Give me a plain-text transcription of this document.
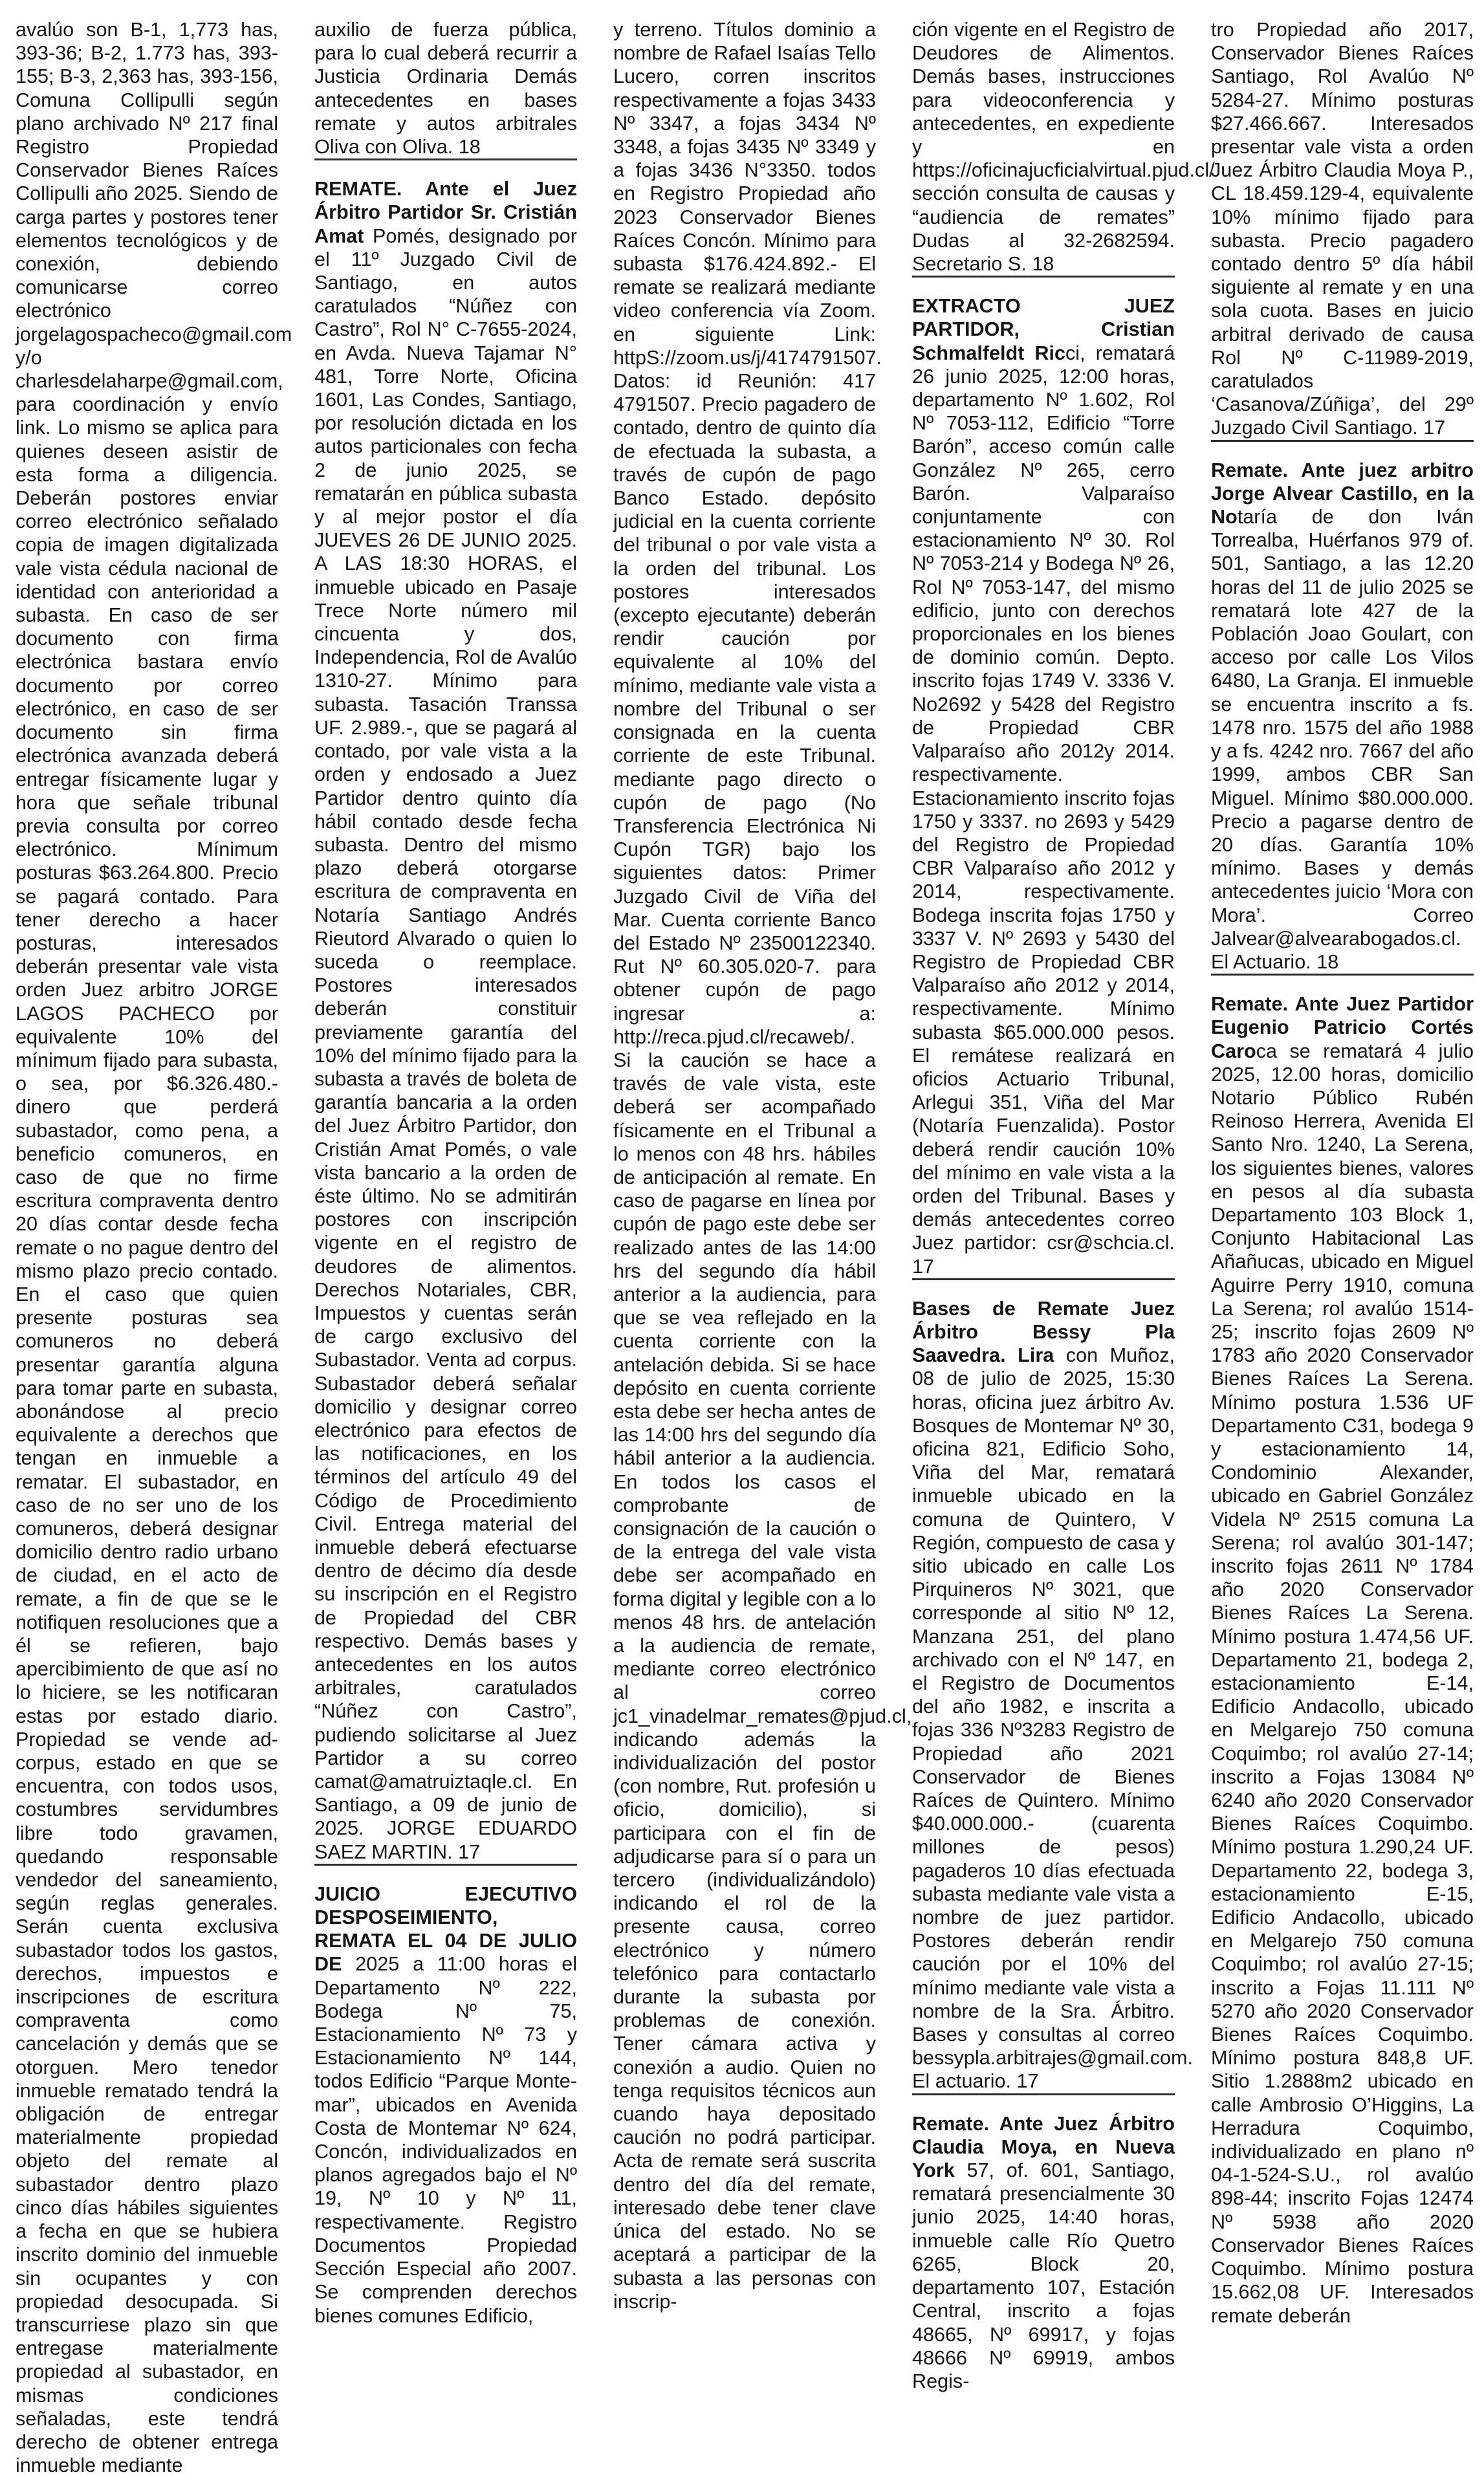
avalúo son B-1, 1,773 has, 393-36; B-2, 1.773 has, 393-155; B-3, 2,363 has, 393-156, Comuna Collipulli según plano archivado Nº 217 final Registro Propiedad Conservador Bienes Raíces Collipulli año 2025. Siendo de carga partes y postores tener elementos tecnológicos y de conexión, debiendo comunicarse correo electrónico jorgelagospacheco@gmail.com y/o charlesdelaharpe@gmail.com, para coordinación y envío link. Lo mismo se aplica para quienes deseen asistir de esta forma a diligencia. Deberán postores enviar correo electrónico señalado copia de imagen digitalizada vale vista cédula nacional de identidad con anterioridad a subasta. En caso de ser documento con firma electrónica bastara envío documento por correo electrónico, en caso de ser documento sin firma electrónica avanzada deberá entregar físicamente lugar y hora que señale tribunal previa consulta por correo electrónico. Mínimum posturas $63.264.800. Precio se pagará contado. Para tener derecho a hacer posturas, interesados deberán presentar vale vista orden Juez arbitro JORGE LAGOS PACHECO por equivalente 10% del mínimum fijado para subasta, o sea, por $6.326.480.- dinero que perderá subastador, como pena, a beneficio comuneros, en caso de que no firme escritura compraventa dentro 20 días contar desde fecha remate o no pague dentro del mismo plazo precio contado. En el caso que quien presente posturas sea comuneros no deberá presentar garantía alguna para tomar parte en subasta, abonándose al precio equivalente a derechos que tengan en inmueble a rematar. El subastador, en caso de no ser uno de los comuneros, deberá designar domicilio dentro radio urbano de ciudad, en el acto de remate, a fin de que se le notifiquen resoluciones que a él se refieren, bajo apercibimiento de que así no lo hiciere, se les notificaran estas por estado diario. Propiedad se vende ad-corpus, estado en que se encuentra, con todos usos, costumbres servidumbres libre todo gravamen, quedando responsable vendedor del saneamiento, según reglas generales. Serán cuenta exclusiva subastador todos los gastos, derechos, impuestos e inscripciones de escritura compraventa como cancelación y demás que se otorguen. Mero tenedor inmueble rematado tendrá la obligación de entregar materialmente propiedad objeto del remate al subastador dentro plazo cinco días hábiles siguientes a fecha en que se hubiera inscrito dominio del inmueble sin ocupantes y con propiedad desocupada. Si transcurriese plazo sin que entregase materialmente propiedad al subastador, en mismas condiciones señaladas, este tendrá derecho de obtener entrega inmueble mediante

auxilio de fuerza pública, para lo cual deberá recurrir a Justicia Ordinaria Demás antecedentes en bases remate y autos arbitrales Oliva con Oliva. 18

REMATE. Ante el Juez Árbitro Partidor Sr. Cristián Amat Pomés, designado por el 11º Juzgado Civil de Santiago, en autos caratulados “Núñez con Castro”, Rol N° C-7655-2024, en Avda. Nueva Tajamar N° 481, Torre Norte, Oficina 1601, Las Condes, Santiago, por resolución dictada en los autos particionales con fecha 2 de junio 2025, se rematarán en pública subasta y al mejor postor el día JUEVES 26 DE JUNIO 2025. A LAS 18:30 HORAS, el inmueble ubicado en Pasaje Trece Norte número mil cincuenta y dos, Independencia, Rol de Avalúo 1310-27. Mínimo para subasta. Tasación Transsa UF. 2.989.-, que se pagará al contado, por vale vista a la orden y endosado a Juez Partidor dentro quinto día hábil contado desde fecha subasta. Dentro del mismo plazo deberá otorgarse escritura de compraventa en Notaría Santiago Andrés Rieutord Alvarado o quien lo suceda o reemplace. Postores interesados deberán constituir previamente garantía del 10% del mínimo fijado para la subasta a través de boleta de garantía bancaria a la orden del Juez Árbitro Partidor, don Cristián Amat Pomés, o vale vista bancario a la orden de éste último. No se admitirán postores con inscripción vigente en el registro de deudores de alimentos. Derechos Notariales, CBR, Impuestos y cuentas serán de cargo exclusivo del Subastador. Venta ad corpus. Subastador deberá señalar domicilio y designar correo electrónico para efectos de las notificaciones, en los términos del artículo 49 del Código de Procedimiento Civil. Entrega material del inmueble deberá efectuarse dentro de décimo día desde su inscripción en el Registro de Propiedad del CBR respectivo. Demás bases y antecedentes en los autos arbitrales, caratulados “Núñez con Castro”, pudiendo solicitarse al Juez Partidor a su correo camat@amatruiztaqle.cl. En Santiago, a 09 de junio de 2025. JORGE EDUARDO SAEZ MARTIN. 17

JUICIO EJECUTIVO DESPOSEIMIENTO, REMATA EL 04 DE JULIO DE 2025 a 11:00 horas el Departamento Nº 222, Bodega Nº 75, Estacionamiento Nº 73 y Estacionamiento Nº 144, todos Edificio “Parque Monte-mar”, ubicados en Avenida Costa de Montemar Nº 624, Concón, individualizados en planos agregados bajo el Nº 19, Nº 10 y Nº 11, respectivamente. Registro Documentos Propiedad Sección Especial año 2007. Se comprenden derechos bienes comunes Edificio,

y terreno. Títulos dominio a nombre de Rafael Isaías Tello Lucero, corren inscritos respectivamente a fojas 3433 Nº 3347, a fojas 3434 Nº 3348, a fojas 3435 Nº 3349 y a fojas 3436 N°3350. todos en Registro Propiedad año 2023 Conservador Bienes Raíces Concón. Mínimo para subasta $176.424.892.- El remate se realizará mediante video conferencia vía Zoom. en siguiente Link: httpS://zoom.us/j/4174791507. Datos: id Reunión: 417 4791507. Precio pagadero de contado, dentro de quinto día de efectuada la subasta, a través de cupón de pago Banco Estado. depósito judicial en la cuenta corriente del tribunal o por vale vista a la orden del tribunal. Los postores interesados (excepto ejecutante) deberán rendir caución por equivalente al 10% del mínimo, mediante vale vista a nombre del Tribunal o ser consignada en la cuenta corriente de este Tribunal. mediante pago directo o cupón de pago (No Transferencia Electrónica Ni Cupón TGR) bajo los siguientes datos: Primer Juzgado Civil de Viña del Mar. Cuenta corriente Banco del Estado Nº 23500122340. Rut Nº 60.305.020-7. para obtener cupón de pago ingresar a: http://reca.pjud.cl/recaweb/. Si la caución se hace a través de vale vista, este deberá ser acompañado físicamente en el Tribunal a lo menos con 48 hrs. hábiles de anticipación al remate. En caso de pagarse en línea por cupón de pago este debe ser realizado antes de las 14:00 hrs del segundo día hábil anterior a la audiencia, para que se vea reflejado en la cuenta corriente con la antelación debida. Si se hace depósito en cuenta corriente esta debe ser hecha antes de las 14:00 hrs del segundo día hábil anterior a la audiencia. En todos los casos el comprobante de consignación de la caución o de la entrega del vale vista debe ser acompañado en forma digital y legible con a lo menos 48 hrs. de antelación a la audiencia de remate, mediante correo electrónico al correo jc1_vinadelmar_remates@pjud.cl, indicando además la individualización del postor (con nombre, Rut. profesión u oficio, domicilio), si participara con el fin de adjudicarse para sí o para un tercero (individualizándolo) indicando el rol de la presente causa, correo electrónico y número telefónico para contactarlo durante la subasta por problemas de conexión. Tener cámara activa y conexión a audio. Quien no tenga requisitos técnicos aun cuando haya depositado caución no podrá participar. Acta de remate será suscrita dentro del día del remate, interesado debe tener clave única del estado. No se aceptará a participar de la subasta a las personas con inscrip-

ción vigente en el Registro de Deudores de Alimentos. Demás bases, instrucciones para videoconferencia y antecedentes, en expediente y en https://oficinajucficialvirtual.pjud.cl/ sección consulta de causas y “audiencia de remates” Dudas al 32-2682594. Secretario S. 18

EXTRACTO JUEZ PARTIDOR, Cristian Schmalfeldt Ricci, rematará 26 junio 2025, 12:00 horas, departamento Nº 1.602, Rol Nº 7053-112, Edificio “Torre Barón”, acceso común calle González Nº 265, cerro Barón. Valparaíso conjuntamente con estacionamiento Nº 30. Rol Nº 7053-214 y Bodega Nº 26, Rol Nº 7053-147, del mismo edificio, junto con derechos proporcionales en los bienes de dominio común. Depto. inscrito fojas 1749 V. 3336 V. No2692 y 5428 del Registro de Propiedad CBR Valparaíso año 2012y 2014. respectivamente. Estacionamiento inscrito fojas 1750 y 3337. no 2693 y 5429 del Registro de Propiedad CBR Valparaíso año 2012 y 2014, respectivamente. Bodega inscrita fojas 1750 y 3337 V. Nº 2693 y 5430 del Registro de Propiedad CBR Valparaíso año 2012 y 2014, respectivamente. Mínimo subasta $65.000.000 pesos. El remátese realizará en oficios Actuario Tribunal, Arlegui 351, Viña del Mar (Notaría Fuenzalida). Postor deberá rendir caución 10% del mínimo en vale vista a la orden del Tribunal. Bases y demás antecedentes correo Juez partidor: csr@schcia.cl. 17

Bases de Remate Juez Árbitro Bessy Pla Saavedra. Lira con Muñoz, 08 de julio de 2025, 15:30 horas, oficina juez árbitro Av. Bosques de Montemar Nº 30, oficina 821, Edificio Soho, Viña del Mar, rematará inmueble ubicado en la comuna de Quintero, V Región, compuesto de casa y sitio ubicado en calle Los Pirquineros Nº 3021, que corresponde al sitio Nº 12, Manzana 251, del plano archivado con el Nº 147, en el Registro de Documentos del año 1982, e inscrita a fojas 336 Nº3283 Registro de Propiedad año 2021 Conservador de Bienes Raíces de Quintero. Mínimo $40.000.000.- (cuarenta millones de pesos) pagaderos 10 días efectuada subasta mediante vale vista a nombre de juez partidor. Postores deberán rendir caución por el 10% del mínimo mediante vale vista a nombre de la Sra. Árbitro. Bases y consultas al correo bessypla.arbitrajes@gmail.com. El actuario. 17

Remate. Ante Juez Árbitro Claudia Moya, en Nueva York 57, of. 601, Santiago, rematará presencialmente 30 junio 2025, 14:40 horas, inmueble calle Río Quetro 6265, Block 20, departamento 107, Estación Central, inscrito a fojas 48665, Nº 69917, y fojas 48666 Nº 69919, ambos Regis-

tro Propiedad año 2017, Conservador Bienes Raíces Santiago, Rol Avalúo Nº 5284-27. Mínimo posturas $27.466.667. Interesados presentar vale vista a orden Juez Árbitro Claudia Moya P., CL 18.459.129-4, equivalente 10% mínimo fijado para subasta. Precio pagadero contado dentro 5º día hábil siguiente al remate y en una sola cuota. Bases en juicio arbitral derivado de causa Rol Nº C-11989-2019, caratulados ‘Casanova/Zúñiga’, del 29º Juzgado Civil Santiago. 17

Remate. Ante juez arbitro Jorge Alvear Castillo, en la Notaría de don Iván Torrealba, Huérfanos 979 of. 501, Santiago, a las 12.20 horas del 11 de julio 2025 se rematará lote 427 de la Población Joao Goulart, con acceso por calle Los Vilos 6480, La Granja. El inmueble se encuentra inscrito a fs. 1478 nro. 1575 del año 1988 y a fs. 4242 nro. 7667 del año 1999, ambos CBR San Miguel. Mínimo $80.000.000. Precio a pagarse dentro de 20 días. Garantía 10% mínimo. Bases y demás antecedentes juicio ‘Mora con Mora’. Correo Jalvear@alvearabogados.cl. El Actuario. 18

Remate. Ante Juez Partidor Eugenio Patricio Cortés Caroca se rematará 4 julio 2025, 12.00 horas, domicilio Notario Público Rubén Reinoso Herrera, Avenida El Santo Nro. 1240, La Serena, los siguientes bienes, valores en pesos al día subasta Departamento 103 Block 1, Conjunto Habitacional Las Añañucas, ubicado en Miguel Aguirre Perry 1910, comuna La Serena; rol avalúo 1514-25; inscrito fojas 2609 Nº 1783 año 2020 Conservador Bienes Raíces La Serena. Mínimo postura 1.536 UF Departamento C31, bodega 9 y estacionamiento 14, Condominio Alexander, ubicado en Gabriel González Videla Nº 2515 comuna La Serena; rol avalúo 301-147; inscrito fojas 2611 Nº 1784 año 2020 Conservador Bienes Raíces La Serena. Mínimo postura 1.474,56 UF. Departamento 21, bodega 2, estacionamiento E-14, Edificio Andacollo, ubicado en Melgarejo 750 comuna Coquimbo; rol avalúo 27-14; inscrito a Fojas 13084 Nº 6240 año 2020 Conservador Bienes Raíces Coquimbo. Mínimo postura 1.290,24 UF. Departamento 22, bodega 3, estacionamiento E-15, Edificio Andacollo, ubicado en Melgarejo 750 comuna Coquimbo; rol avalúo 27-15; inscrito a Fojas 11.111 Nº 5270 año 2020 Conservador Bienes Raíces Coquimbo. Mínimo postura 848,8 UF. Sitio 1.2888m2 ubicado en calle Ambrosio O’Higgins, La Herradura Coquimbo, individualizado en plano nº 04-1-524-S.U., rol avalúo 898-44; inscrito Fojas 12474 Nº 5938 año 2020 Conservador Bienes Raíces Coquimbo. Mínimo postura 15.662,08 UF. Interesados remate deberán
